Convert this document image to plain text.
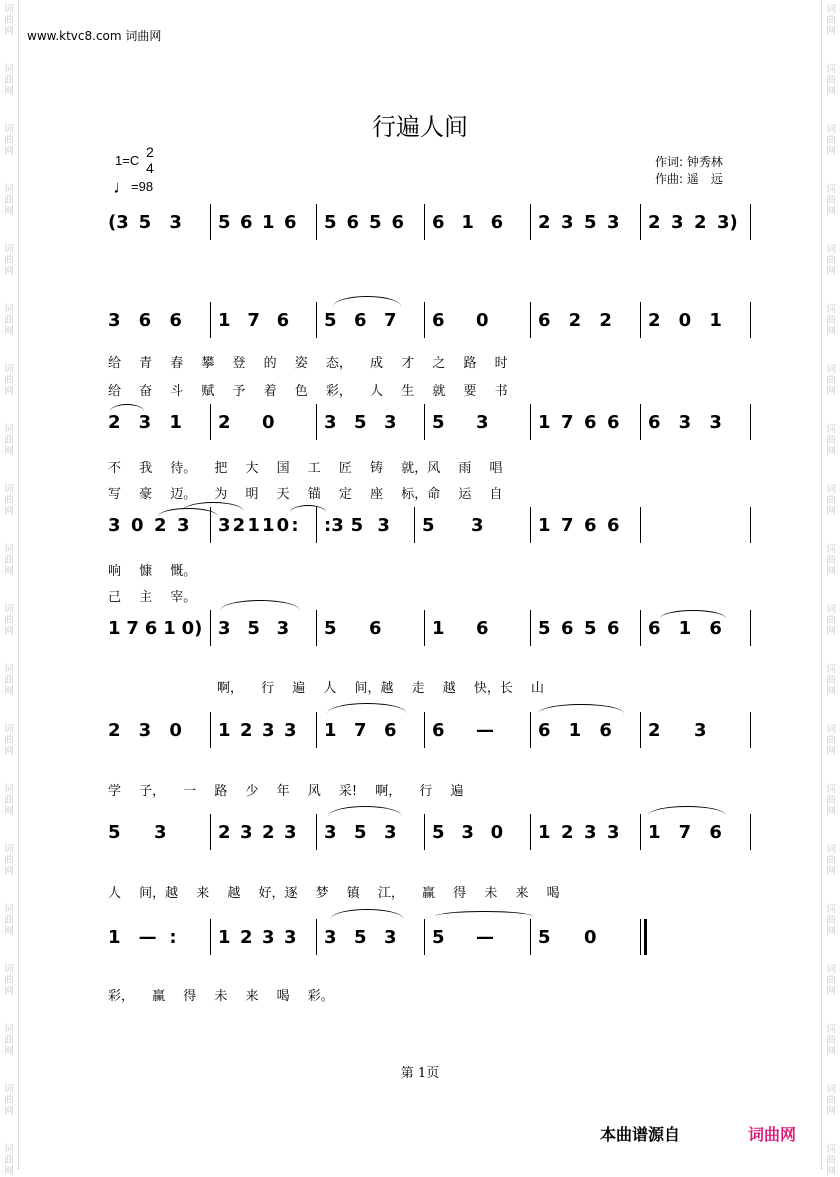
词
曲
网
词
曲
网
词
曲
网
词
曲
网
词
曲
网
词
曲
网
词
曲
网
词
曲
网
词
曲
网
词
曲
网
词
曲
网
词
曲
网
词
曲
网
词
曲
网
词
曲
网
词
曲
网
词
曲
网
词
曲
网
词
曲
网
词
曲
网
词
曲
网
词
曲
网
词
曲
网
词
曲
网
词
曲
网
词
曲
网
词
曲
网
词
曲
网
词
曲
网
词
曲
网
词
曲
网
词
曲
网
词
曲
网
词
曲
网
词
曲
网
词
曲
网
词
曲
网
词
曲
网
词
曲
网
词
曲
网
www.ktvc8.com 词曲网
行遍人间
1=C
2
4
♩=98
作词: 钟秀林
作曲: 遥　远
(3 5 3 5 6 1 6 5 6 5 6 6 1 6 2 3 5 3 2 3 2 3)
3 6 6 1 7 6 5 6 7 6 0	6 2 2 2 0 1
给 青 春 攀 登 的 姿 态， 成 才 之 路 时
给 奋 斗 赋 予 着 色 彩， 人 生 就 要 书
2 3 1 2 0	3 5 3 5 3	1 7 6 6 6 3 3
不 我 待。 把 大 国 工 匠 铸 就，风 雨 唱
写 豪 迈。 为 明 天 锚 定 座 标，命 运 自
3 0 2 3 3 2 1 1 0 : :3 5 3 5 3	1 7 6 6
响 慷 慨。
己 主 宰。
1 7 6 1 0) 3 5 3 5 6	1 6	5 6 5 6 6 1 6
啊， 行 遍 人 间，越 走 越 快，长 山
2 3 0 1 2 3 3 1 7 6 6 — 6 1 6 2 3
学 子， 一 路 少 年 风 采! 啊， 行 遍
5 3	2 3 2 3 3 5 3 5 3 0 1 2 3 3 1 7 6
人 间，越 来 越 好，逐 梦 镇 江， 赢 得 未 来 喝
1 — : 1 2 3 3 3 5 3 5 — 5 0
彩， 赢 得 未 来 喝 彩。
第 1页
本曲谱源自	词曲网
